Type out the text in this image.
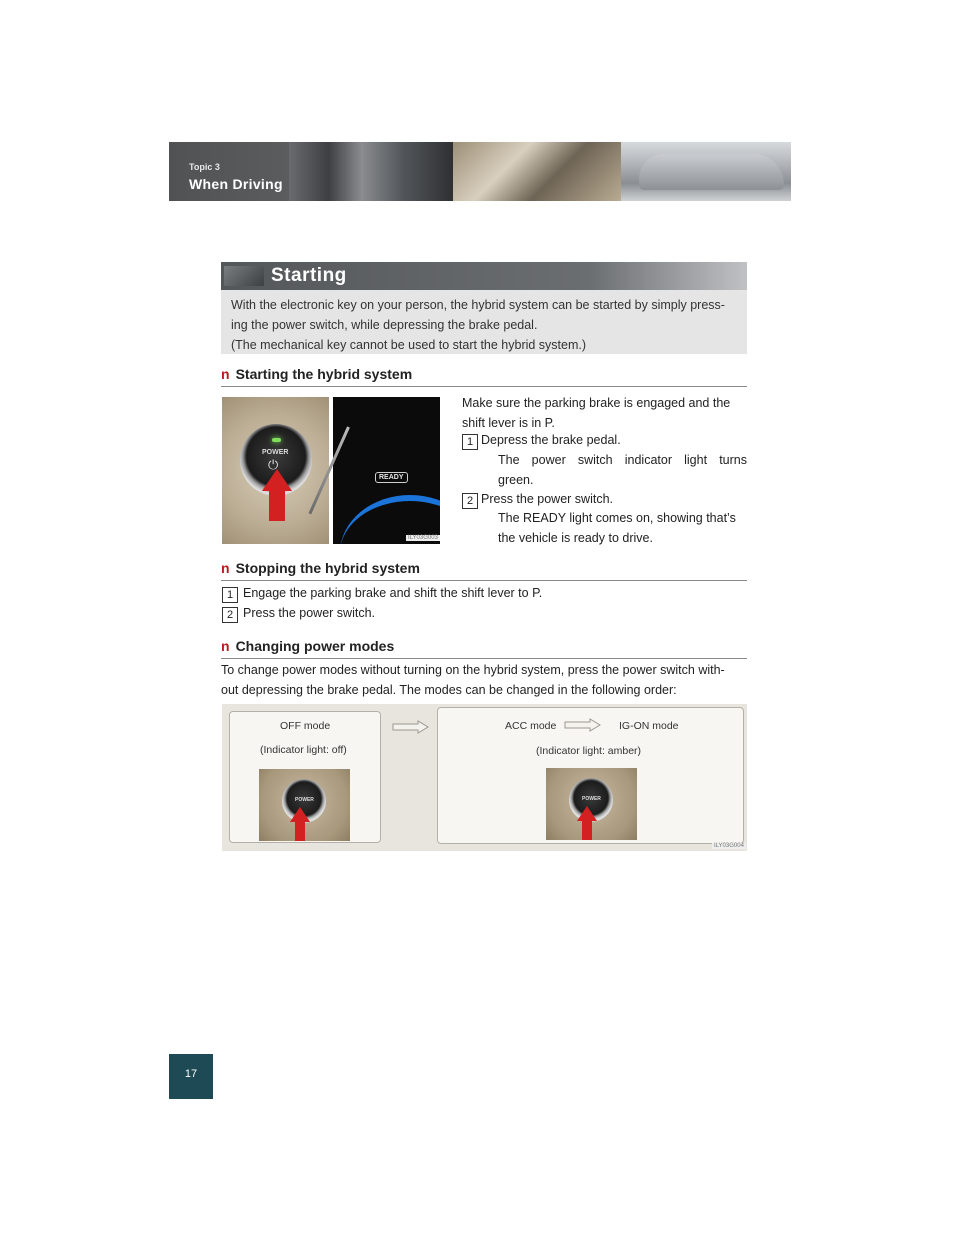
Topic 3
When Driving
Starting
With the electronic key on your person, the hybrid system can be started by simply press-
ing the power switch, while depressing the brake pedal.
(The mechanical key cannot be used to start the hybrid system.)
n Starting the hybrid system
POWER
⏻
READY
ILY03G003
Make sure the parking brake is engaged and the
shift lever is in P.
1 Depress the brake pedal.
The power switch indicator light turns
green.
2 Press the power switch.
The READY light comes on, showing that’s
the vehicle is ready to drive.
n Stopping the hybrid system
1 Engage the parking brake and shift the shift lever to P.
2 Press the power switch.
n Changing power modes
To change power modes without turning on the hybrid system, press the power switch with-
out depressing the brake pedal. The modes can be changed in the following order:
OFF mode
(Indicator light: off)
POWER
ACC mode	IG-ON mode
(Indicator light: amber)
POWER
ILY03G004
17
